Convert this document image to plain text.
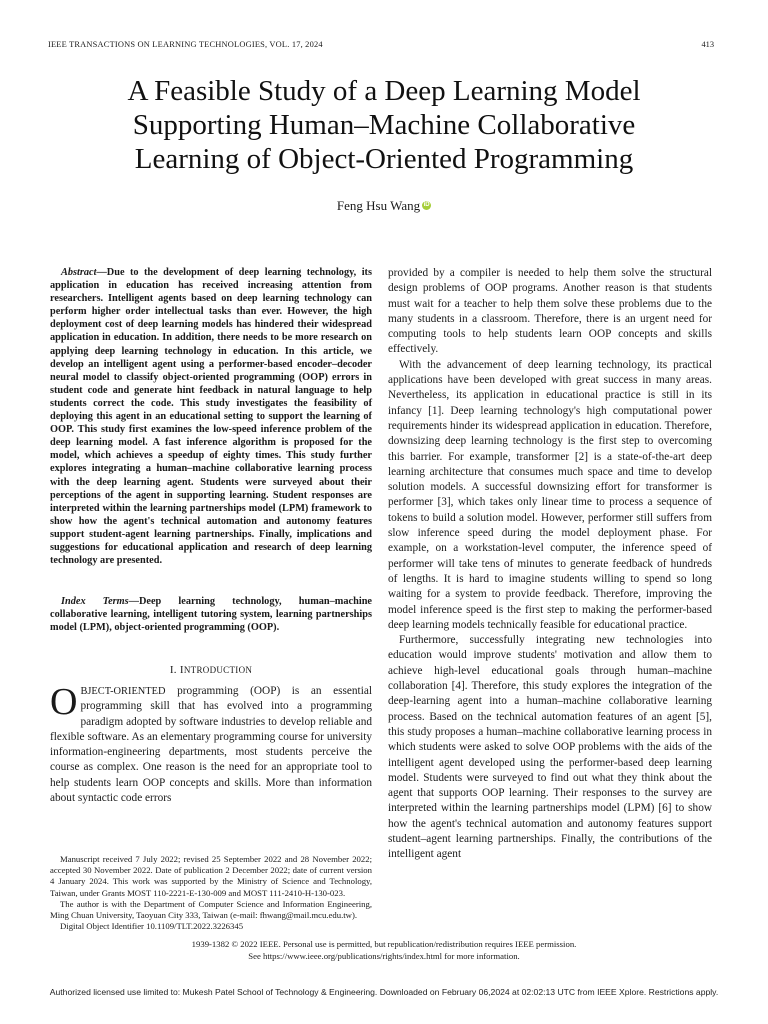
IEEE TRANSACTIONS ON LEARNING TECHNOLOGIES, VOL. 17, 2024	413
A Feasible Study of a Deep Learning Model
Supporting Human–Machine Collaborative
Learning of Object-Oriented Programming
Feng Hsu Wang iD

Abstract—Due to the development of deep learning technology, its application in education has received increasing attention from researchers. Intelligent agents based on deep learning technology can perform higher order intellectual tasks than ever. However, the high deployment cost of deep learning models has hindered their widespread application in education. In addition, there needs to be more research on applying deep learning technology in education. In this article, we develop an intelligent agent using a performer-based encoder–decoder neural model to classify object-oriented programming (OOP) errors in student code and generate hint feedback in natural language to help students correct the code. This study investigates the feasibility of deploying this agent in an educational setting to support the learning of OOP. This study first examines the low-speed inference problem of the deep learning model. A fast inference algorithm is proposed for the model, which achieves a speedup of eighty times. This study further explores integrating a human–machine collaborative learning process with the deep learning agent. Students were surveyed about their perceptions of the agent in supporting learning. Student responses are interpreted within the learning partnerships model (LPM) framework to show how the agent's technical automation and autonomy features support student-agent learning partnerships. Finally, implications and suggestions for educational application and research of deep learning technology are presented.

Index Terms—Deep learning technology, human–machine collaborative learning, intelligent tutoring system, learning partnerships model (LPM), object-oriented programming (OOP).

I. INTRODUCTION

OBJECT-ORIENTED programming (OOP) is an essential programming skill that has evolved into a programming paradigm adopted by software industries to develop reliable and flexible software. As an elementary programming course for university information-engineering departments, most students perceive the course as complex. One reason is the need for an appropriate tool to help students learn OOP concepts and skills. More than information about syntactic code errors

Manuscript received 7 July 2022; revised 25 September 2022 and 28 November 2022; accepted 30 November 2022. Date of publication 2 December 2022; date of current version 4 January 2024. This work was supported by the Ministry of Science and Technology, Taiwan, under Grants MOST 110-2221-E-130-009 and MOST 111-2410-H-130-023.

The author is with the Department of Computer Science and Information Engineering, Ming Chuan University, Taoyuan City 333, Taiwan (e-mail: fhwang@mail.mcu.edu.tw).

Digital Object Identifier 10.1109/TLT.2022.3226345

provided by a compiler is needed to help them solve the structural design problems of OOP programs. Another reason is that students must wait for a teacher to help them solve these problems due to the many students in a classroom. Therefore, there is an urgent need for computing tools to help students learn OOP concepts and skills effectively.

With the advancement of deep learning technology, its practical applications have been developed with great success in many areas. Nevertheless, its application in educational practice is still in its infancy [1]. Deep learning technology's high computational power requirements hinder its widespread application in education. Therefore, downsizing deep learning technology is the first step to overcoming this barrier. For example, transformer [2] is a state-of-the-art deep learning architecture that consumes much space and time to develop solution models. A successful downsizing effort for transformer is performer [3], which takes only linear time to process a sequence of tokens to build a solution model. However, performer still suffers from slow inference speed during the model deployment phase. For example, on a workstation-level computer, the inference speed of performer will take tens of minutes to generate feedback of hundreds of lengths. It is hard to imagine students willing to spend so long waiting for a system to provide feedback. Therefore, improving the model inference speed is the first step to making the performer-based deep learning models technically feasible for educational practice.

Furthermore, successfully integrating new technologies into education would improve students' motivation and allow them to achieve high-level educational goals through human–machine collaboration [4]. Therefore, this study explores the integration of the deep-learning agent into a human–machine collaborative learning process. Based on the technical automation features of an agent [5], this study proposes a human–machine collaborative learning process in which students were asked to solve OOP problems with the aids of the intelligent agent developed using the performer-based deep learning model. Students were surveyed to find out what they think about the agent that supports OOP learning. Their responses to the survey are interpreted within the learning partnerships model (LPM) [6] to show how the agent's technical automation and autonomy features support student–agent learning partnerships. Finally, the contributions of the intelligent agent

1939-1382 © 2022 IEEE. Personal use is permitted, but republication/redistribution requires IEEE permission.
See https://www.ieee.org/publications/rights/index.html for more information.
Authorized licensed use limited to: Mukesh Patel School of Technology & Engineering. Downloaded on February 06,2024 at 02:02:13 UTC from IEEE Xplore. Restrictions apply.
